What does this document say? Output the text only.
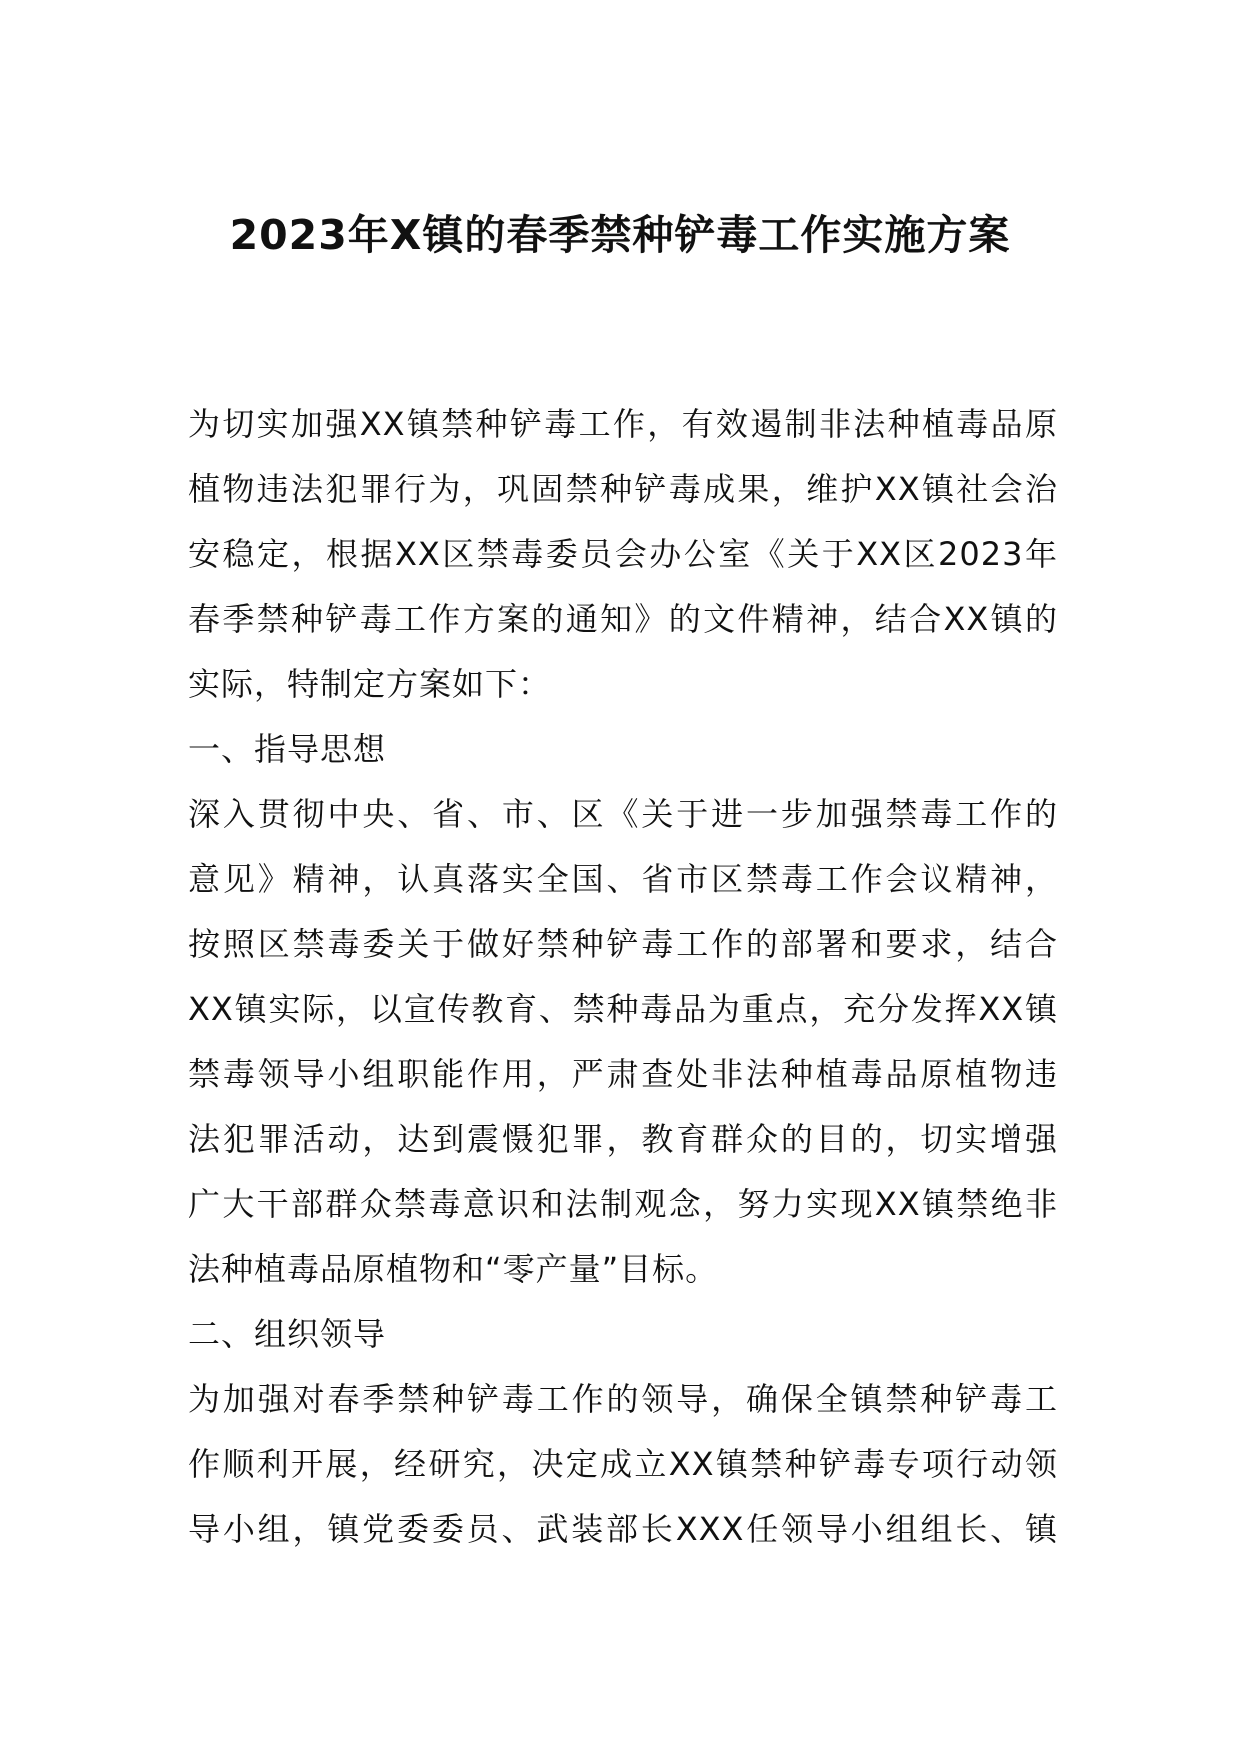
2023年X镇的春季禁种铲毒工作实施方案
为切实加强XX镇禁种铲毒工作，有效遏制非法种植毒品原
植物违法犯罪行为，巩固禁种铲毒成果，维护XX镇社会治
安稳定，根据XX区禁毒委员会办公室《关于XX区2023年
春季禁种铲毒工作方案的通知》的文件精神，结合XX镇的
实际，特制定方案如下：
一、指导思想
深入贯彻中央、省、市、区《关于进一步加强禁毒工作的
意见》精神，认真落实全国、省市区禁毒工作会议精神，
按照区禁毒委关于做好禁种铲毒工作的部署和要求，结合
XX镇实际，以宣传教育、禁种毒品为重点，充分发挥XX镇
禁毒领导小组职能作用，严肃查处非法种植毒品原植物违
法犯罪活动，达到震慑犯罪，教育群众的目的，切实增强
广大干部群众禁毒意识和法制观念，努力实现XX镇禁绝非
法种植毒品原植物和“零产量”目标。
二、组织领导
为加强对春季禁种铲毒工作的领导，确保全镇禁种铲毒工
作顺利开展，经研究，决定成立XX镇禁种铲毒专项行动领
导小组，镇党委委员、武装部长XXX任领导小组组长、镇
